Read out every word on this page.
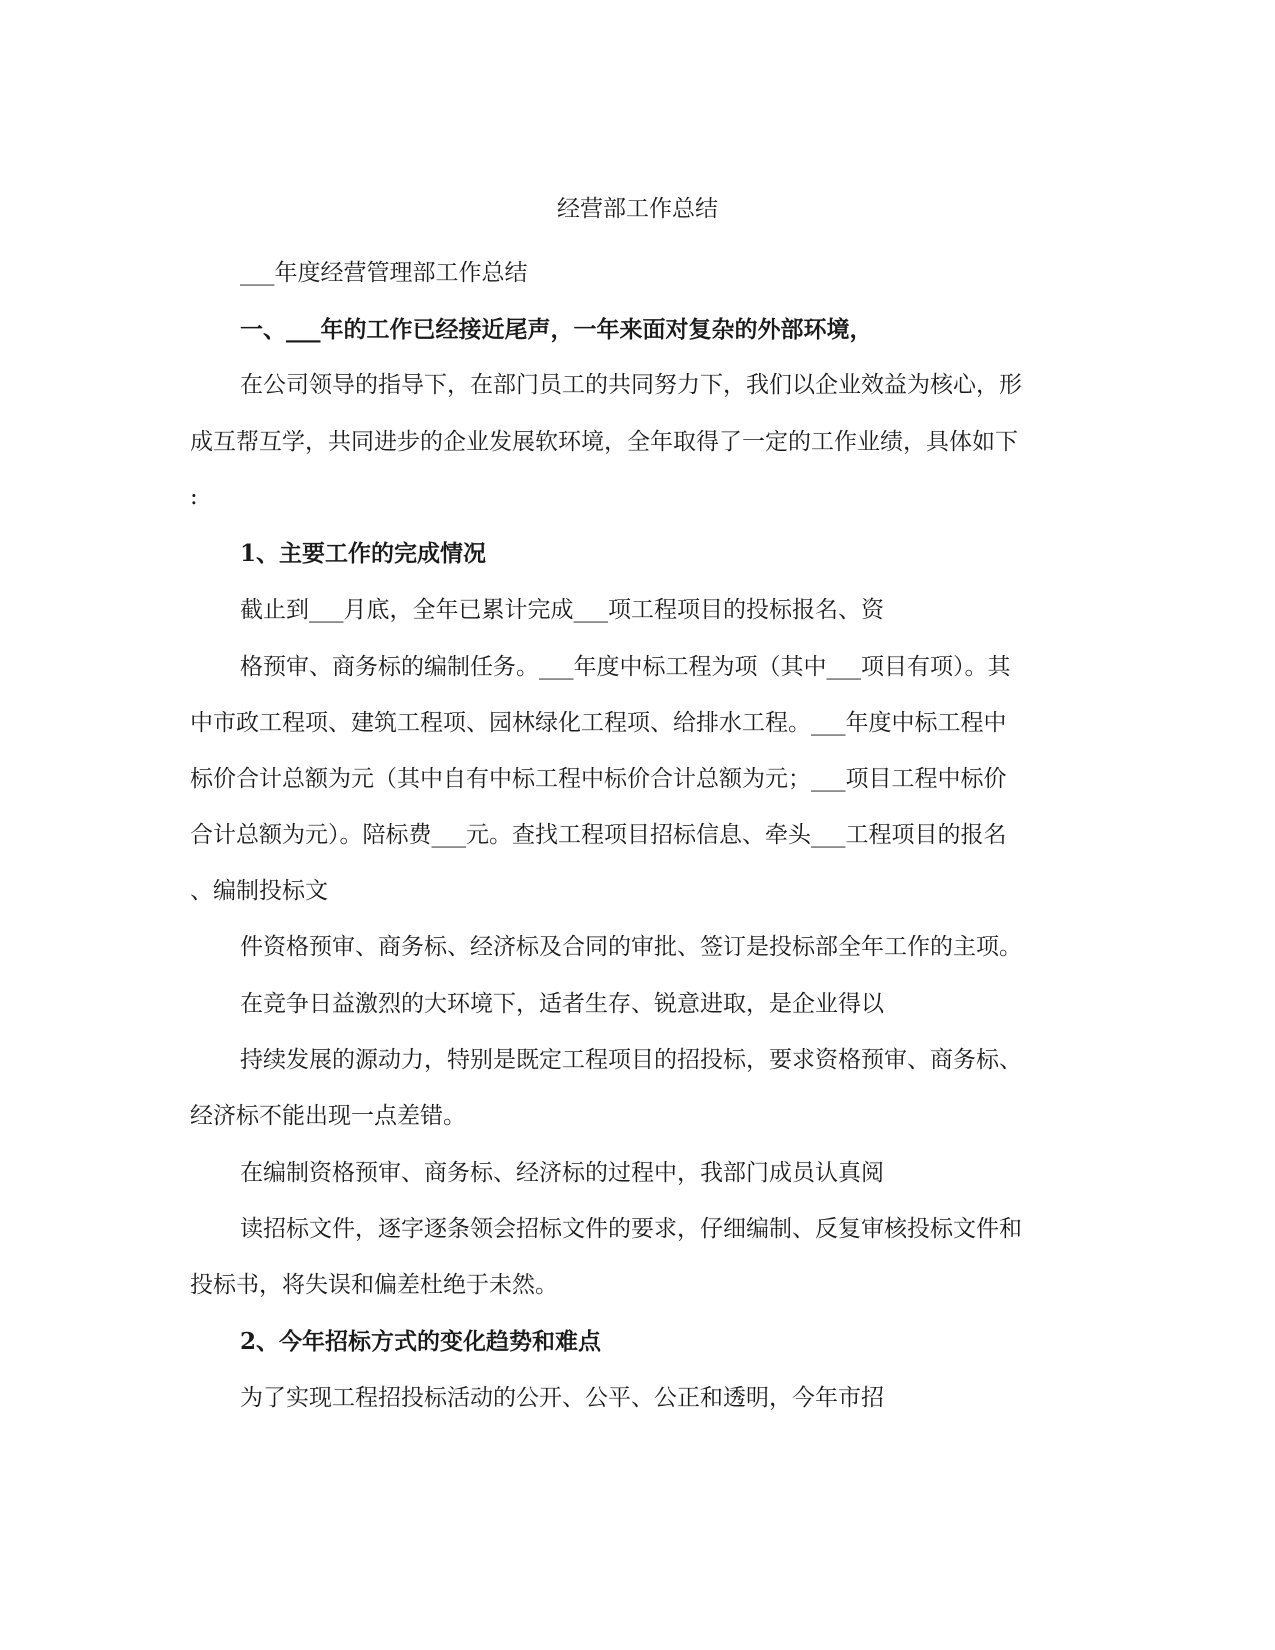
经营部工作总结
___年度经营管理部工作总结
一、___年的工作已经接近尾声，一年来面对复杂的外部环境，
在公司领导的指导下，在部门员工的共同努力下，我们以企业效益为核心，形
成互帮互学，共同进步的企业发展软环境，全年取得了一定的工作业绩，具体如下
:
1、主要工作的完成情况
截止到___月底，全年已累计完成___项工程项目的投标报名、资
格预审、商务标的编制任务。___年度中标工程为项（其中___项目有项）。其
中市政工程项、建筑工程项、园林绿化工程项、给排水工程。___年度中标工程中
标价合计总额为元（其中自有中标工程中标价合计总额为元；___项目工程中标价
合计总额为元）。陪标费___元。查找工程项目招标信息、牵头___工程项目的报名
、编制投标文
件资格预审、商务标、经济标及合同的审批、签订是投标部全年工作的主项。
在竞争日益激烈的大环境下，适者生存、锐意进取，是企业得以
持续发展的源动力，特别是既定工程项目的招投标，要求资格预审、商务标、
经济标不能出现一点差错。
在编制资格预审、商务标、经济标的过程中，我部门成员认真阅
读招标文件，逐字逐条领会招标文件的要求，仔细编制、反复审核投标文件和
投标书，将失误和偏差杜绝于未然。
2、今年招标方式的变化趋势和难点
为了实现工程招投标活动的公开、公平、公正和透明，今年市招
